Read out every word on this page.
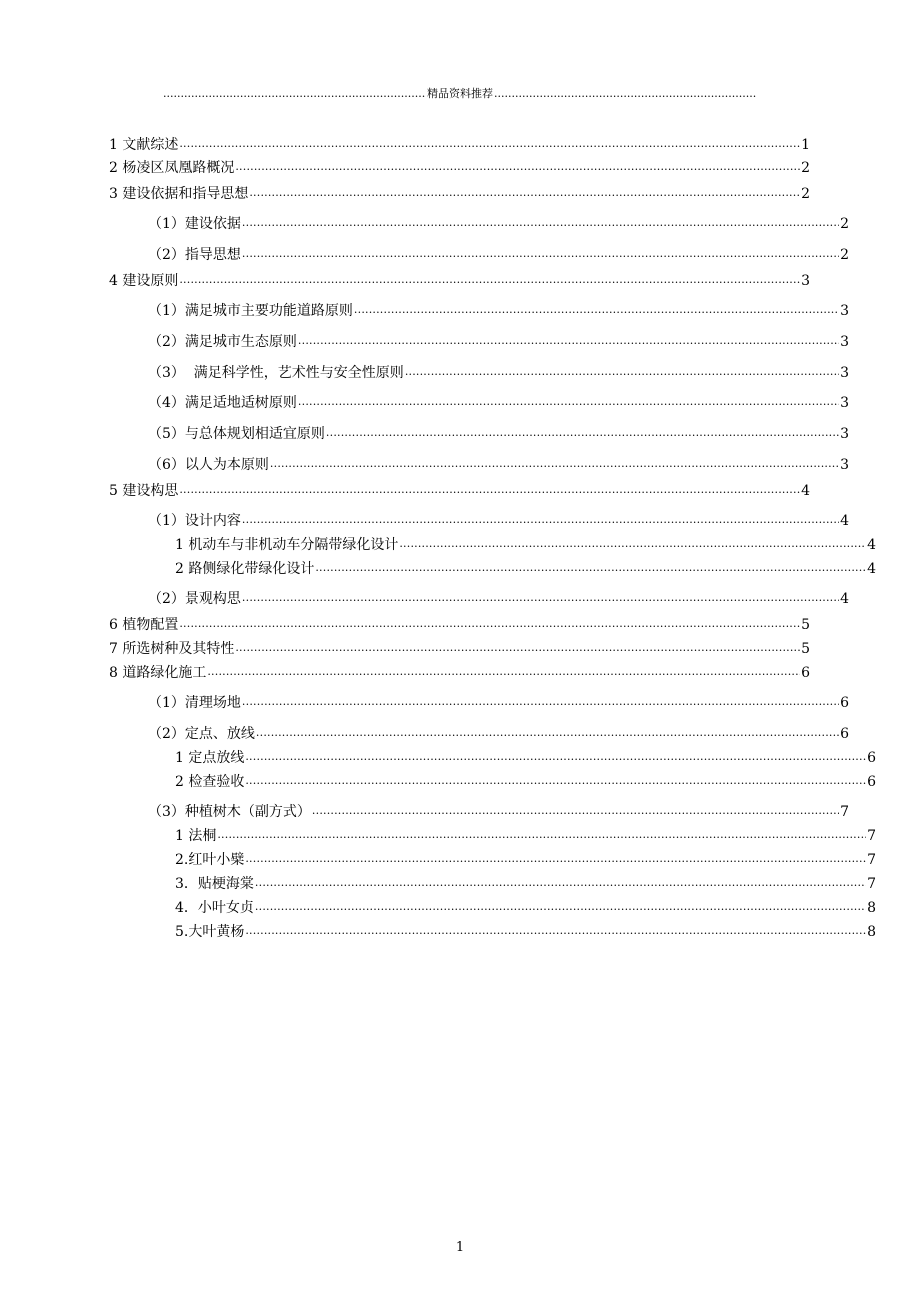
.....
精品资料推荐
.....
1 文献综述 .....	1
2 杨凌区凤凰路概况 .....	2
3 建设依据和指导思想 .....	2
（1）建设依据 .....	2
（2）指导思想 .....	2
4 建设原则 .....	3
（1）满足城市主要功能道路原则 .....	3
（2）满足城市生态原则 .....	3
（3）  满足科学性，艺术性与安全性原则 .....	3
（4）满足适地适树原则 .....	3
（5）与总体规划相适宜原则 .....	3
（6）以人为本原则 .....	3
5 建设构思 .....	4
（1）设计内容 .....	4
1 机动车与非机动车分隔带绿化设计 .....	4
2 路侧绿化带绿化设计 .....	4
（2）景观构思 .....	4
6 植物配置 .....	5
7 所选树种及其特性 .....	5
8 道路绿化施工 .....	6
（1）清理场地 .....	6
（2）定点、放线 .....	6
1 定点放线 .....	6
2 检查验收 .....	6
（3）种植树木（副方式） .....	7
1 法桐 .....	7
2.红叶小檗 .....	7
3．贴梗海棠 .....	7
4．小叶女贞 .....	8
5.大叶黄杨 .....	8
1
